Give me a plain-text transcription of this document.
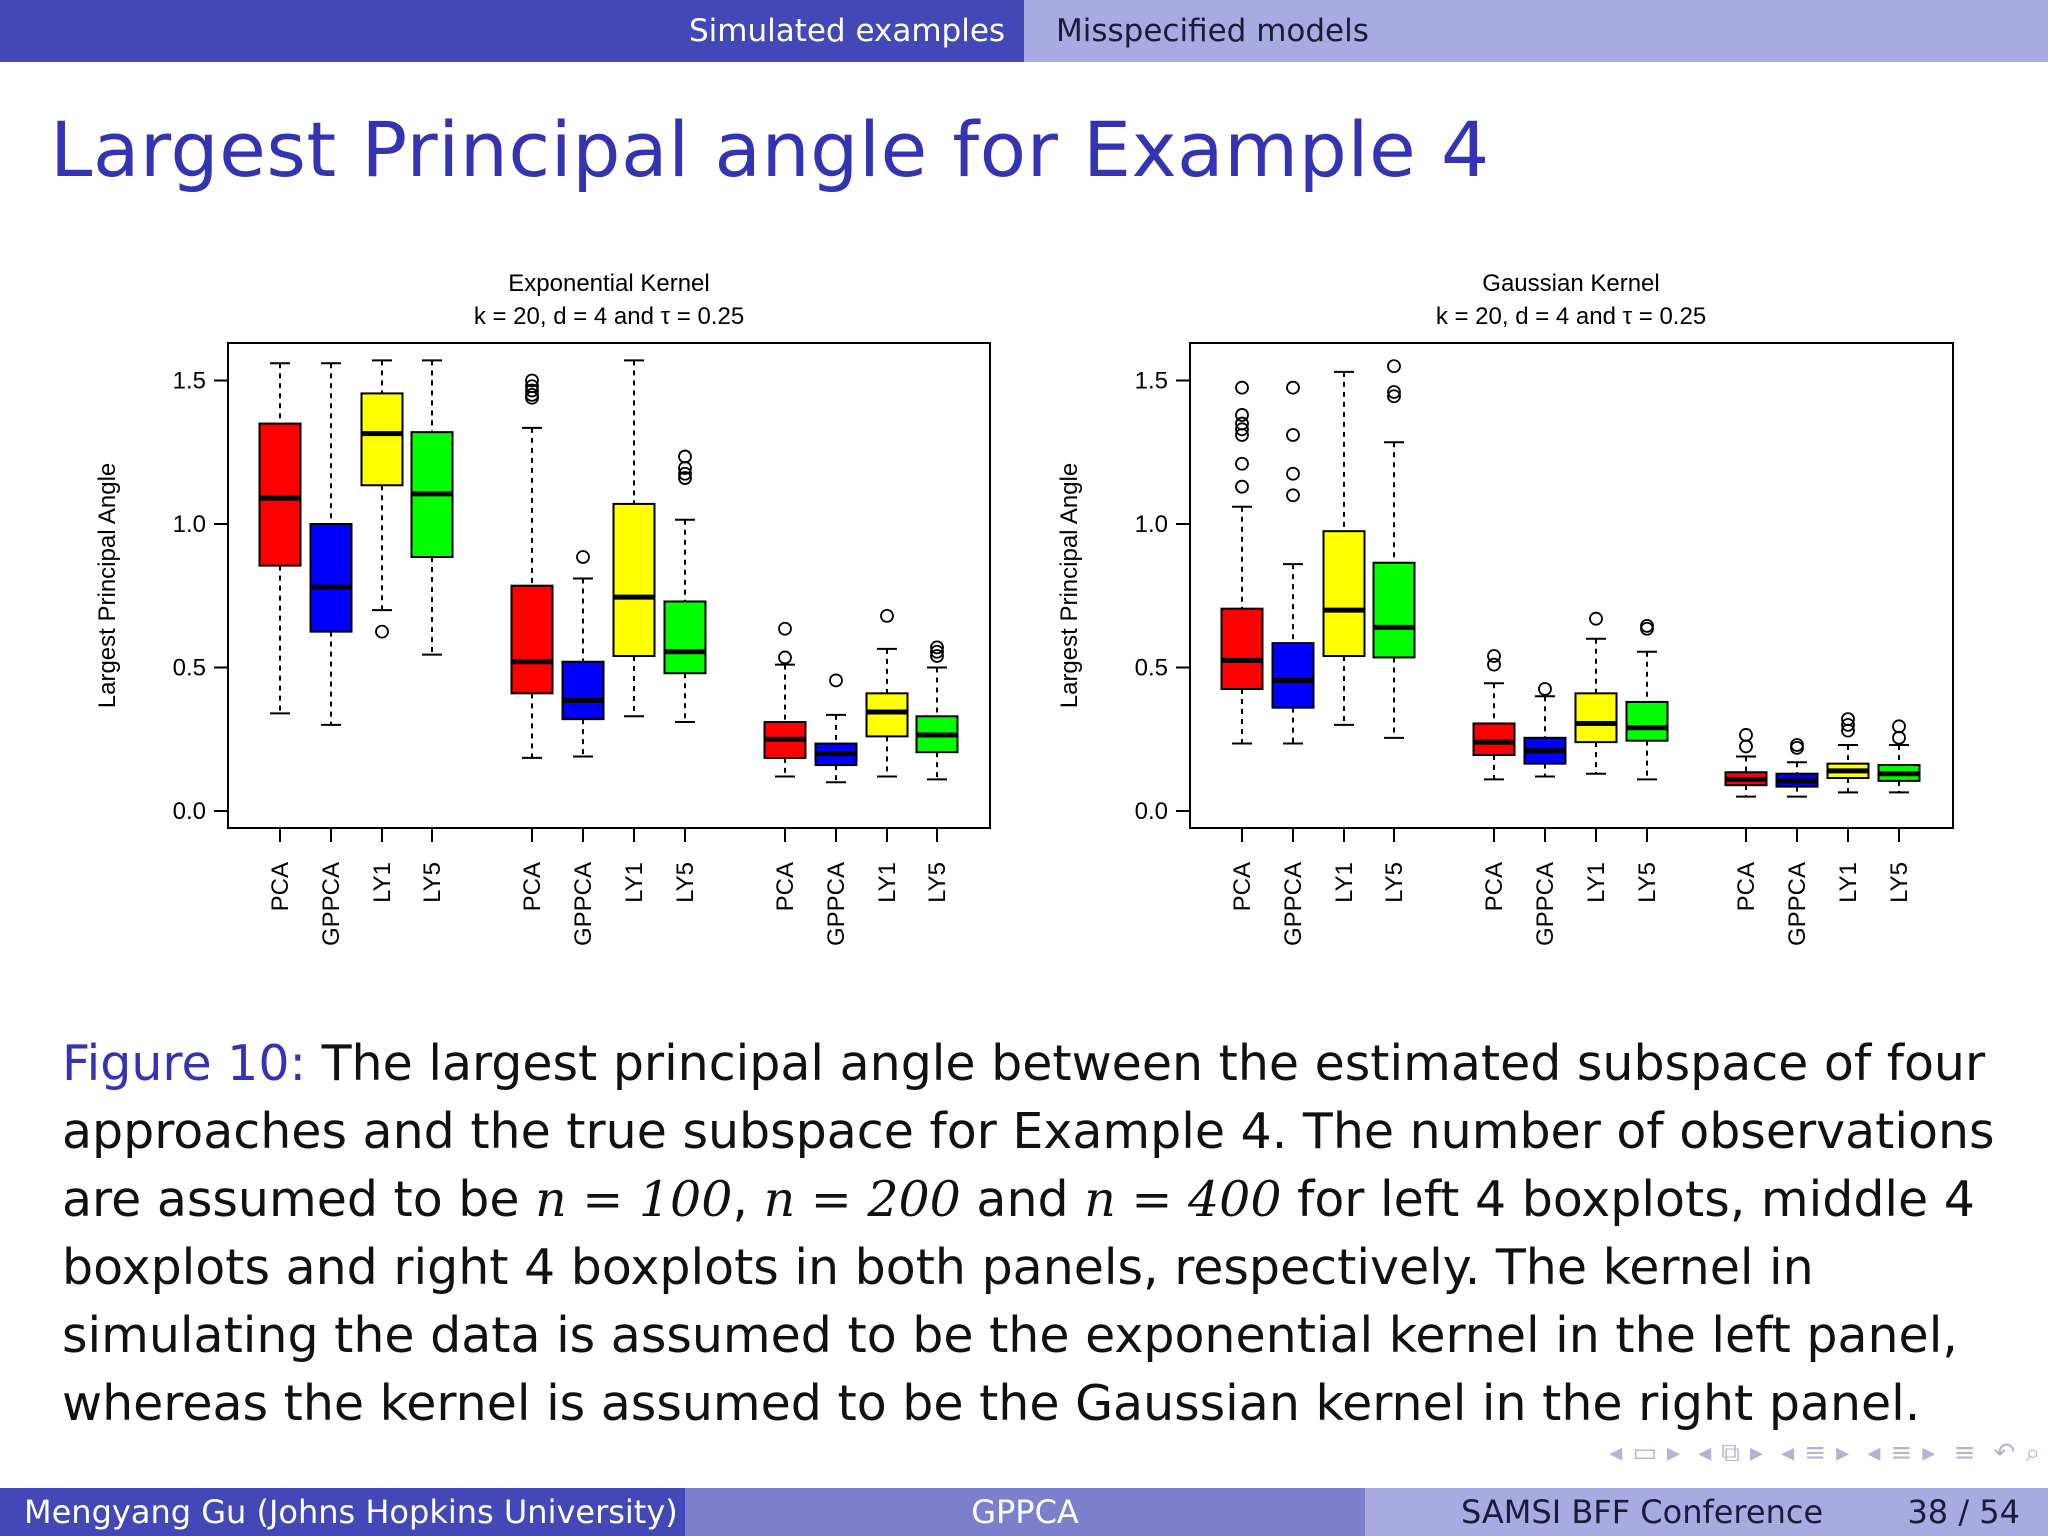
Simulated examples	Misspecified models
Largest Principal angle for Example 4
Exponential Kernel
k = 20, d = 4 and τ = 0.25
Largest Principal Angle
0.0
0.5
1.0
1.5
PCA GPPCA LY1 LY5	PCA GPPCA LY1 LY5	PCA GPPCA LY1 LY5
Gaussian Kernel
k = 20, d = 4 and τ = 0.25
Largest Principal Angle
0.0
0.5
1.0
1.5
PCA GPPCA LY1 LY5	PCA GPPCA LY1 LY5	PCA GPPCA LY1 LY5
Figure 10: The largest principal angle between the estimated subspace of four approaches and the true subspace for Example 4. The number of observations are assumed to be n = 100, n = 200 and n = 400 for left 4 boxplots, middle 4 boxplots and right 4 boxplots in both panels, respectively. The kernel in simulating the data is assumed to be the exponential kernel in the left panel, whereas the kernel is assumed to be the Gaussian kernel in the right panel.
◂ ▭ ▸ ◂ ⧉ ▸ ◂ ≡ ▸ ◂ ≡ ▸ ≡ ↶ ⌕
Mengyang Gu (Johns Hopkins University)	GPPCA	SAMSI BFF Conference	38 / 54
